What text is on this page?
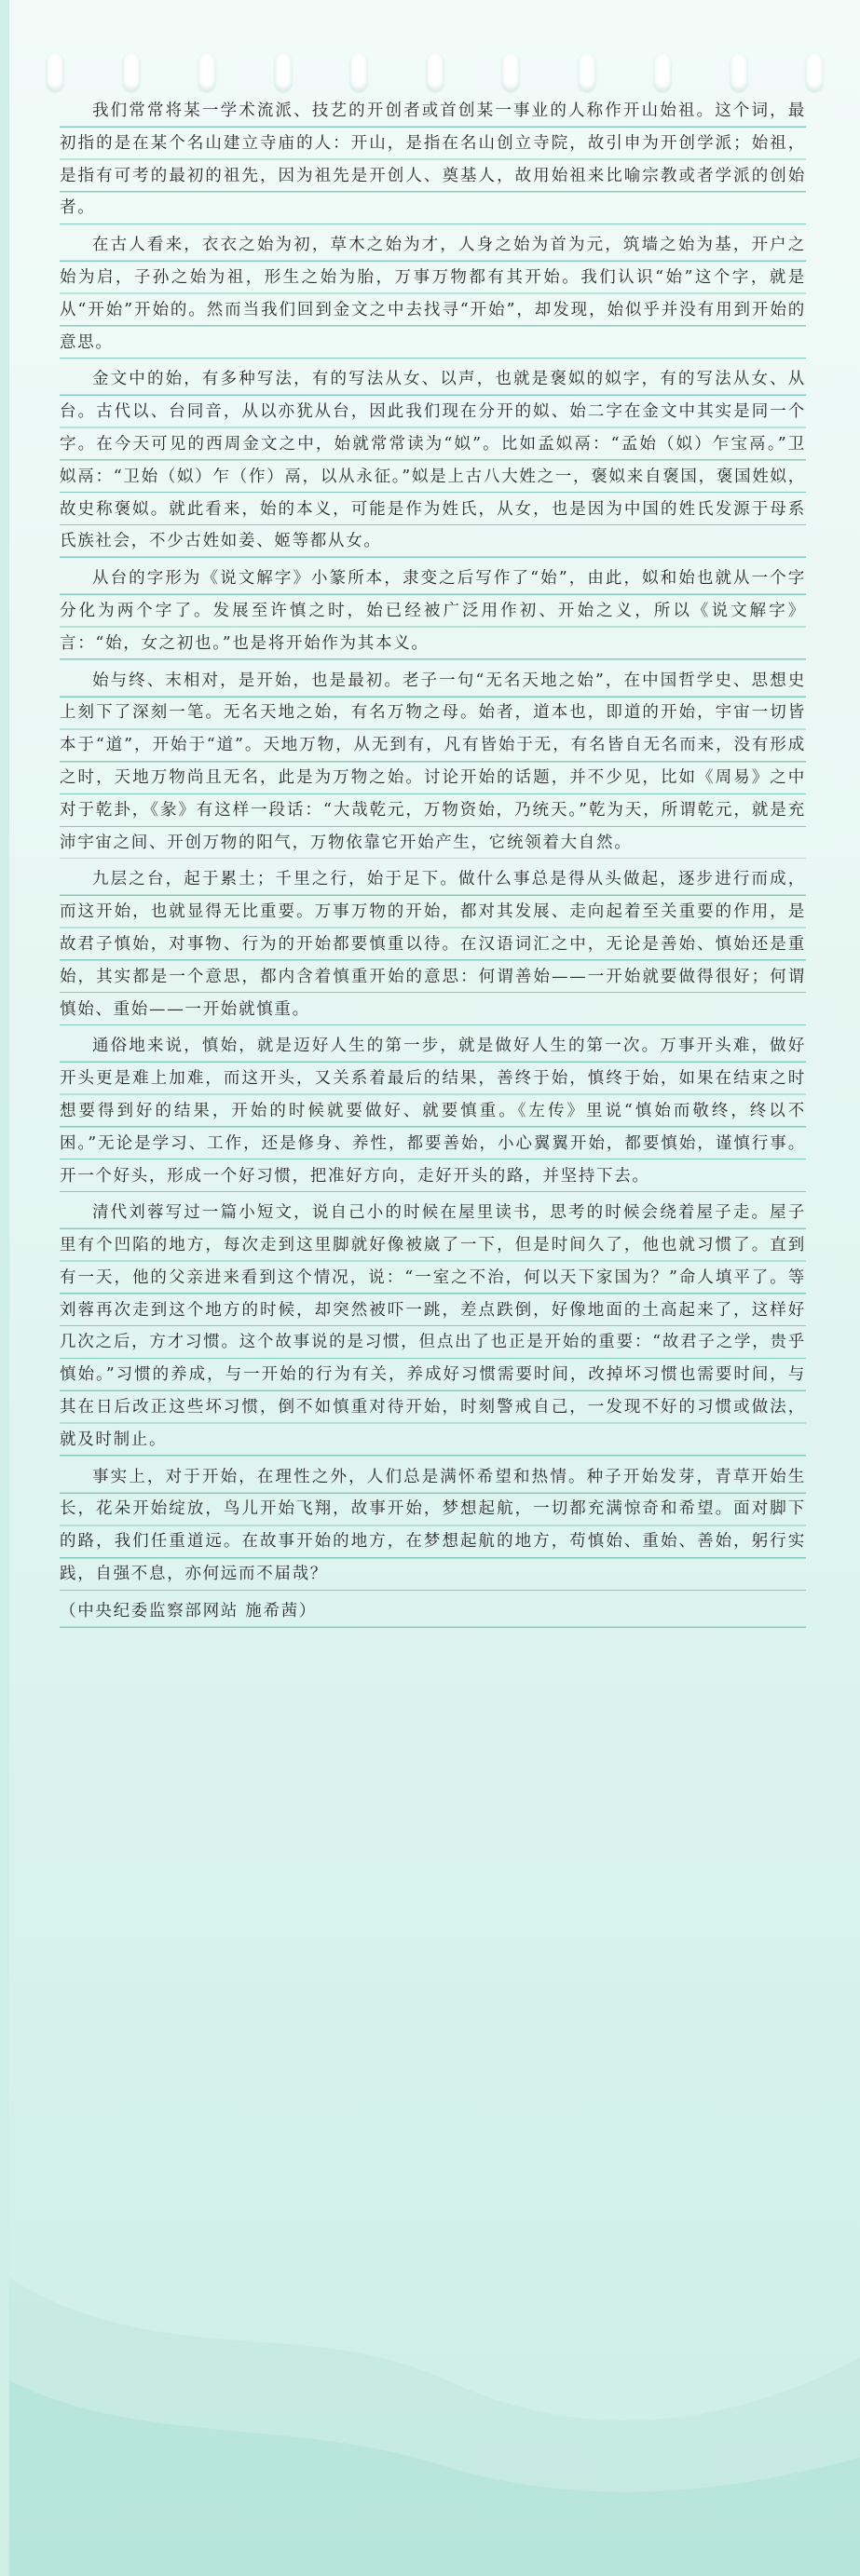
我们常常将某一学术流派、技艺的开创者或首创某一事业的人称作开山始祖。这个词，最初指的是在某个名山建立寺庙的人：开山，是指在名山创立寺院，故引申为开创学派；始祖，是指有可考的最初的祖先，因为祖先是开创人、奠基人，故用始祖来比喻宗教或者学派的创始者。

在古人看来，衣衣之始为初，草木之始为才，人身之始为首为元，筑墙之始为基，开户之始为启，子孙之始为祖，形生之始为胎，万事万物都有其开始。我们认识“始”这个字，就是从“开始”开始的。然而当我们回到金文之中去找寻“开始”，却发现，始似乎并没有用到开始的意思。

金文中的始，有多种写法，有的写法从女、以声，也就是褒姒的姒字，有的写法从女、从台。古代以、台同音，从以亦犹从台，因此我们现在分开的姒、始二字在金文中其实是同一个字。在今天可见的西周金文之中，始就常常读为“姒”。比如孟姒鬲：“孟始（姒）乍宝鬲。”卫姒鬲：“卫始（姒）乍（作）鬲，以从永征。”姒是上古八大姓之一，褒姒来自褒国，褒国姓姒，故史称褒姒。就此看来，始的本义，可能是作为姓氏，从女，也是因为中国的姓氏发源于母系氏族社会，不少古姓如姜、姬等都从女。

从台的字形为《说文解字》小篆所本，隶变之后写作了“始”，由此，姒和始也就从一个字分化为两个字了。发展至许慎之时，始已经被广泛用作初、开始之义，所以《说文解字》言：“始，女之初也。”也是将开始作为其本义。

始与终、末相对，是开始，也是最初。老子一句“无名天地之始”，在中国哲学史、思想史上刻下了深刻一笔。无名天地之始，有名万物之母。始者，道本也，即道的开始，宇宙一切皆本于“道”，开始于“道”。天地万物，从无到有，凡有皆始于无，有名皆自无名而来，没有形成之时，天地万物尚且无名，此是为万物之始。讨论开始的话题，并不少见，比如《周易》之中对于乾卦，《彖》有这样一段话：“大哉乾元，万物资始，乃统天。”乾为天，所谓乾元，就是充沛宇宙之间、开创万物的阳气，万物依靠它开始产生，它统领着大自然。

九层之台，起于累土；千里之行，始于足下。做什么事总是得从头做起，逐步进行而成，而这开始，也就显得无比重要。万事万物的开始，都对其发展、走向起着至关重要的作用，是故君子慎始，对事物、行为的开始都要慎重以待。在汉语词汇之中，无论是善始、慎始还是重始，其实都是一个意思，都内含着慎重开始的意思：何谓善始——一开始就要做得很好；何谓慎始、重始——一开始就慎重。

通俗地来说，慎始，就是迈好人生的第一步，就是做好人生的第一次。万事开头难，做好开头更是难上加难，而这开头，又关系着最后的结果，善终于始，慎终于始，如果在结束之时想要得到好的结果，开始的时候就要做好、就要慎重。《左传》里说“慎始而敬终，终以不困。”无论是学习、工作，还是修身、养性，都要善始，小心翼翼开始，都要慎始，谨慎行事。开一个好头，形成一个好习惯，把准好方向，走好开头的路，并坚持下去。

清代刘蓉写过一篇小短文，说自己小的时候在屋里读书，思考的时候会绕着屋子走。屋子里有个凹陷的地方，每次走到这里脚就好像被崴了一下，但是时间久了，他也就习惯了。直到有一天，他的父亲进来看到这个情况，说：“一室之不治，何以天下家国为？”命人填平了。等刘蓉再次走到这个地方的时候，却突然被吓一跳，差点跌倒，好像地面的土高起来了，这样好几次之后，方才习惯。这个故事说的是习惯，但点出了也正是开始的重要：“故君子之学，贵乎慎始。”习惯的养成，与一开始的行为有关，养成好习惯需要时间，改掉坏习惯也需要时间，与其在日后改正这些坏习惯，倒不如慎重对待开始，时刻警戒自己，一发现不好的习惯或做法，就及时制止。

事实上，对于开始，在理性之外，人们总是满怀希望和热情。种子开始发芽，青草开始生长，花朵开始绽放，鸟儿开始飞翔，故事开始，梦想起航，一切都充满惊奇和希望。面对脚下的路，我们任重道远。在故事开始的地方，在梦想起航的地方，苟慎始、重始、善始，躬行实践，自强不息，亦何远而不届哉？

（中央纪委监察部网站 施希茜）
